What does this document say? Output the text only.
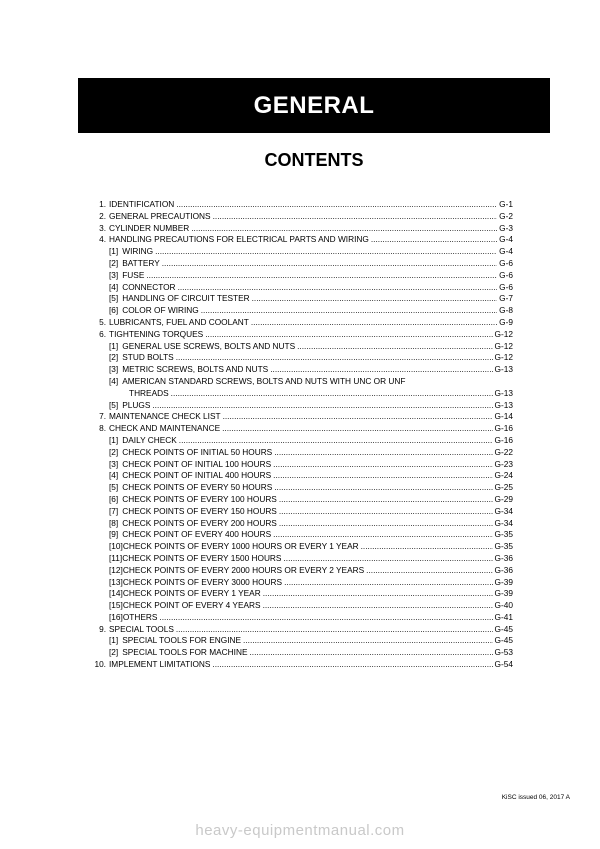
GENERAL
CONTENTS
1. IDENTIFICATION .....	G-1
2. GENERAL PRECAUTIONS .....	G-2
3. CYLINDER NUMBER .....	G-3
4. HANDLING PRECAUTIONS FOR ELECTRICAL PARTS AND WIRING .....	G-4
[1] WIRING .....	G-4
[2] BATTERY .....	G-6
[3] FUSE .....	G-6
[4] CONNECTOR .....	G-6
[5] HANDLING OF CIRCUIT TESTER .....	G-7
[6] COLOR OF WIRING .....	G-8
5. LUBRICANTS, FUEL AND COOLANT .....	G-9
6. TIGHTENING TORQUES .....	G-12
[1] GENERAL USE SCREWS, BOLTS AND NUTS .....	G-12
[2] STUD BOLTS .....	G-12
[3] METRIC SCREWS, BOLTS AND NUTS .....	G-13
[4] AMERICAN STANDARD SCREWS, BOLTS AND NUTS WITH UNC OR UNF
THREADS .....	G-13
[5] PLUGS .....	G-13
7. MAINTENANCE CHECK LIST .....	G-14
8. CHECK AND MAINTENANCE .....	G-16
[1] DAILY CHECK .....	G-16
[2] CHECK POINTS OF INITIAL 50 HOURS .....	G-22
[3] CHECK POINT OF INITIAL 100 HOURS .....	G-23
[4] CHECK POINT OF INITIAL 400 HOURS .....	G-24
[5] CHECK POINTS OF EVERY 50 HOURS .....	G-25
[6] CHECK POINTS OF EVERY 100 HOURS .....	G-29
[7] CHECK POINTS OF EVERY 150 HOURS .....	G-34
[8] CHECK POINTS OF EVERY 200 HOURS .....	G-34
[9] CHECK POINT OF EVERY 400 HOURS .....	G-35
[10] CHECK POINTS OF EVERY 1000 HOURS OR EVERY 1 YEAR .....	G-35
[11] CHECK POINTS OF EVERY 1500 HOURS .....	G-36
[12] CHECK POINTS OF EVERY 2000 HOURS OR EVERY 2 YEARS .....	G-36
[13] CHECK POINTS OF EVERY 3000 HOURS .....	G-39
[14] CHECK POINTS OF EVERY 1 YEAR .....	G-39
[15] CHECK POINT OF EVERY 4 YEARS .....	G-40
[16] OTHERS .....	G-41
9. SPECIAL TOOLS .....	G-45
[1] SPECIAL TOOLS FOR ENGINE .....	G-45
[2] SPECIAL TOOLS FOR MACHINE .....	G-53
10. IMPLEMENT LIMITATIONS .....	G-54
KiSC issued 06, 2017 A
heavy-equipmentmanual.com
